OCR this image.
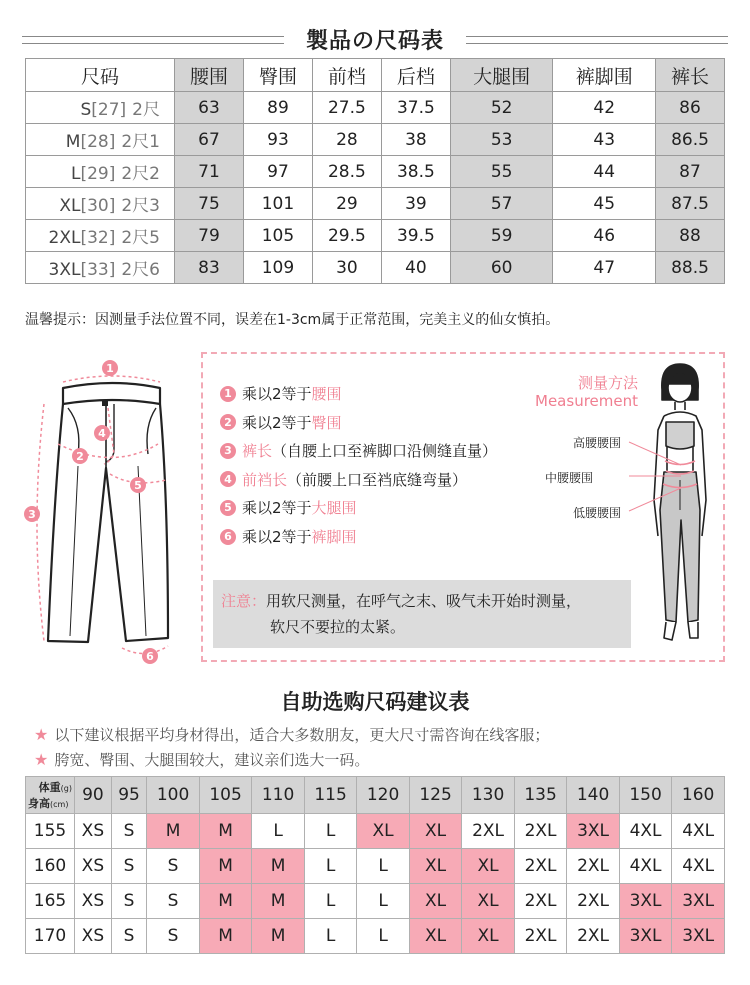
製品の尺码表
尺码	腰围	臀围	前档	后档	大腿围	裤脚围	裤长
S[27] 2尺	63	89	27.5	37.5	52	42	86
M[28] 2尺1	67	93	28	38	53	43	86.5
L[29] 2尺2	71	97	28.5	38.5	55	44	87
XL[30] 2尺3	75	101	29	39	57	45	87.5
2XL[32] 2尺5	79	105	29.5	39.5	59	46	88
3XL[33] 2尺6	83	109	30	40	60	47	88.5
温馨提示：因测量手法位置不同，误差在1-3cm属于正常范围，完美主义的仙女慎拍。
1
2
3
4
5
6
1 乘以2等于腰围
2 乘以2等于臀围
3 裤长（自腰上口至裤脚口沿侧缝直量）
4 前裆长（前腰上口至裆底缝弯量）
5 乘以2等于大腿围
6 乘以2等于裤脚围
测量方法
Measurement
高腰腰围
中腰腰围
低腰腰围
注意：用软尺测量，在呼气之末、吸气未开始时测量，
软尺不要拉的太紧。
自助选购尺码建议表
★ 以下建议根据平均身材得出，适合大多数朋友，更大尺寸需咨询在线客服；
★ 胯宽、臀围、大腿围较大，建议亲们选大一码。
体重(g)
身高(cm)	90	95	100	105	110	115	120	125	130	135	140	150	160
155	XS	S	M	M	L	L	XL	XL	2XL	2XL	3XL	4XL	4XL
160	XS	S	S	M	M	L	L	XL	XL	2XL	2XL	4XL	4XL
165	XS	S	S	M	M	L	L	XL	XL	2XL	2XL	3XL	3XL
170	XS	S	S	M	M	L	L	XL	XL	2XL	2XL	3XL	3XL
